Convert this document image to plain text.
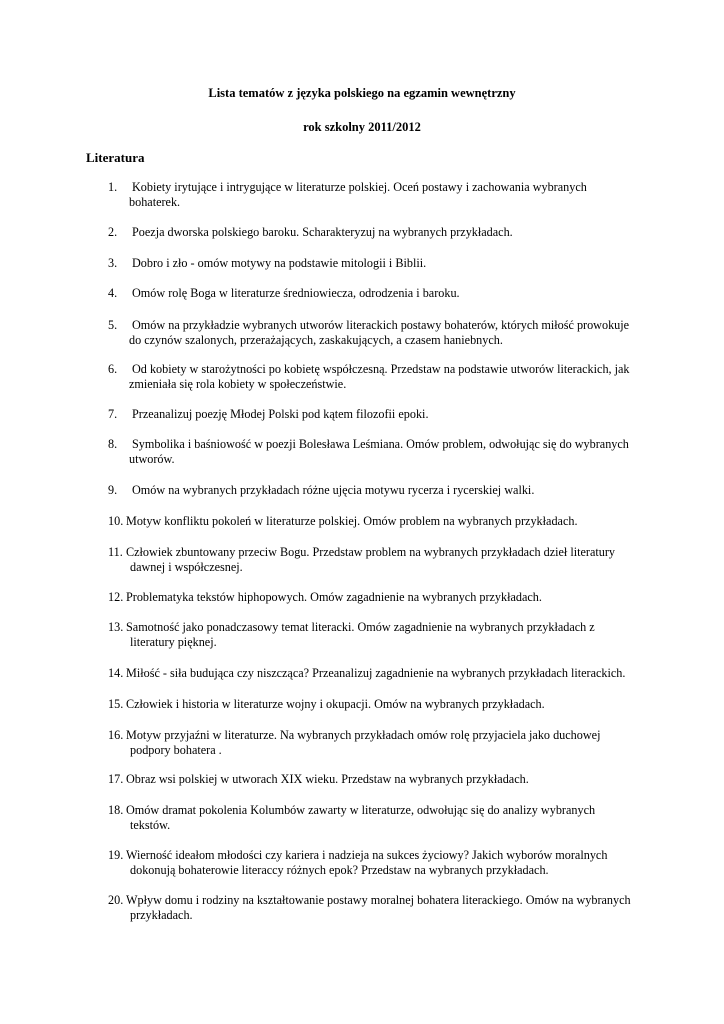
Lista tematów z języka polskiego na egzamin wewnętrzny
rok szkolny 2011/2012
Literatura
1. Kobiety irytujące i intrygujące w literaturze polskiej. Oceń postawy i zachowania wybranych
bohaterek.
2. Poezja dworska polskiego baroku. Scharakteryzuj na wybranych przykładach.
3. Dobro i zło - omów motywy na podstawie mitologii i Biblii.
4. Omów rolę Boga w literaturze średniowiecza, odrodzenia i baroku.
5. Omów na przykładzie wybranych utworów literackich postawy bohaterów, których miłość prowokuje
do czynów szalonych, przerażających, zaskakujących, a czasem haniebnych.
6. Od kobiety w starożytności po kobietę współczesną. Przedstaw na podstawie utworów literackich, jak
zmieniała się rola kobiety w społeczeństwie.
7. Przeanalizuj poezję Młodej Polski pod kątem filozofii epoki.
8. Symbolika i baśniowość w poezji Bolesława Leśmiana. Omów problem, odwołując się do wybranych
utworów.
9. Omów na wybranych przykładach różne ujęcia motywu rycerza i rycerskiej walki.
10. Motyw konfliktu pokoleń w literaturze polskiej. Omów problem na wybranych przykładach.
11. Człowiek zbuntowany przeciw Bogu. Przedstaw problem na wybranych przykładach dzieł literatury
dawnej i współczesnej.
12. Problematyka tekstów hiphopowych. Omów zagadnienie na wybranych przykładach.
13. Samotność jako ponadczasowy temat literacki. Omów zagadnienie na wybranych przykładach z
literatury pięknej.
14. Miłość - siła budująca czy niszcząca? Przeanalizuj zagadnienie na wybranych przykładach literackich.
15. Człowiek i historia w literaturze wojny i okupacji. Omów na wybranych przykładach.
16. Motyw przyjaźni w literaturze. Na wybranych przykładach omów rolę przyjaciela jako duchowej
podpory bohatera .
17. Obraz wsi polskiej w utworach XIX wieku. Przedstaw na wybranych przykładach.
18. Omów dramat pokolenia Kolumbów zawarty w literaturze, odwołując się do analizy wybranych
tekstów.
19. Wierność ideałom młodości czy kariera i nadzieja na sukces życiowy? Jakich wyborów moralnych
dokonują bohaterowie literaccy różnych epok? Przedstaw na wybranych przykładach.
20. Wpływ domu i rodziny na kształtowanie postawy moralnej bohatera literackiego. Omów na wybranych
przykładach.
